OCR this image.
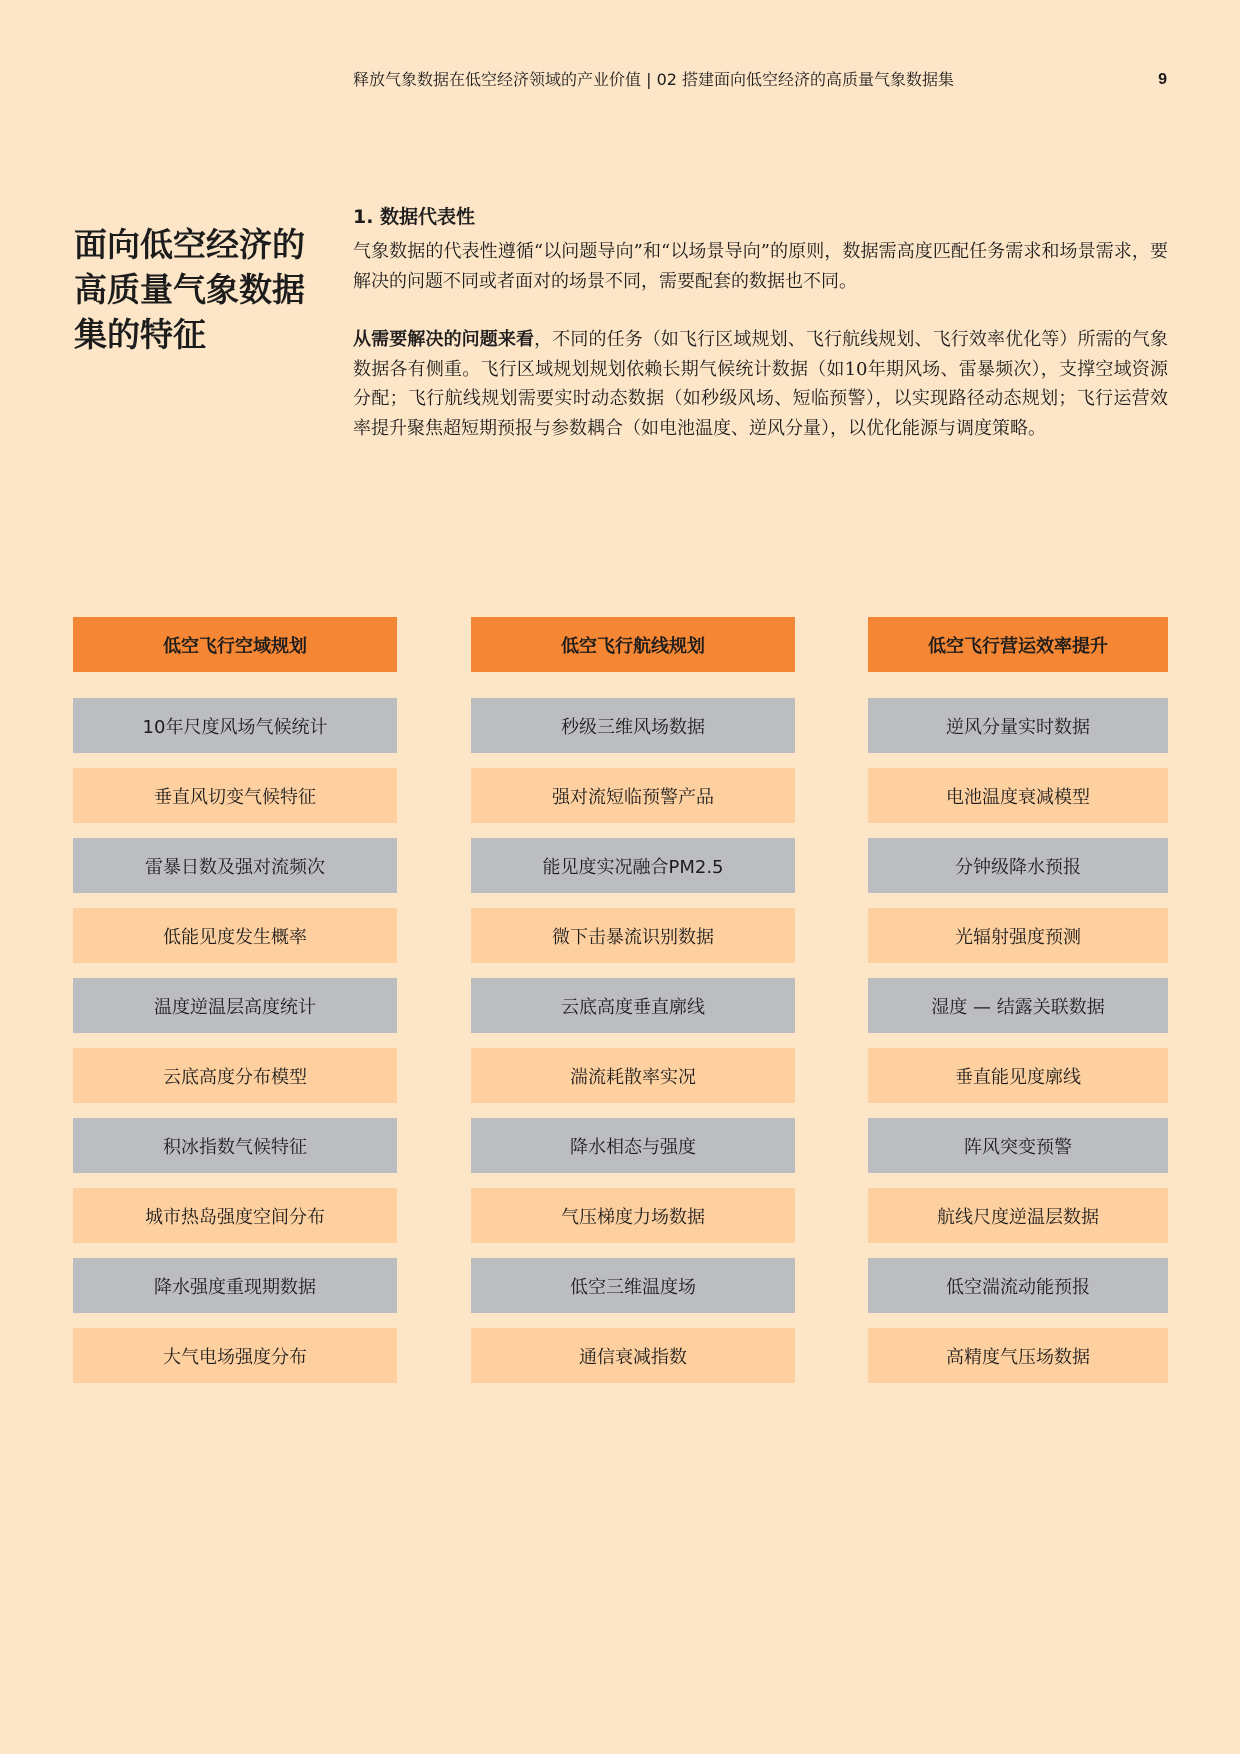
释放气象数据在低空经济领域的产业价值 | 02 搭建面向低空经济的高质量气象数据集	9
面向低空经济的高质量气象数据集的特征

1. 数据代表性

气象数据的代表性遵循“以问题导向”和“以场景导向”的原则，数据需高度匹配任务需求和场景需求，要解决的问题不同或者面对的场景不同，需要配套的数据也不同。

从需要解决的问题来看，不同的任务（如飞行区域规划、飞行航线规划、飞行效率优化等）所需的气象数据各有侧重。飞行区域规划规划依赖长期气候统计数据（如10年期风场、雷暴频次），支撑空域资源分配；飞行航线规划需要实时动态数据（如秒级风场、短临预警），以实现路径动态规划；飞行运营效率提升聚焦超短期预报与参数耦合（如电池温度、逆风分量），以优化能源与调度策略。

低空飞行空域规划
10年尺度风场气候统计
垂直风切变气候特征
雷暴日数及强对流频次
低能见度发生概率
温度逆温层高度统计
云底高度分布模型
积冰指数气候特征
城市热岛强度空间分布
降水强度重现期数据
大气电场强度分布
低空飞行航线规划
秒级三维风场数据
强对流短临预警产品
能见度实况融合PM2.5
微下击暴流识别数据
云底高度垂直廓线
湍流耗散率实况
降水相态与强度
气压梯度力场数据
低空三维温度场
通信衰减指数
低空飞行营运效率提升
逆风分量实时数据
电池温度衰减模型
分钟级降水预报
光辐射强度预测
湿度 — 结露关联数据
垂直能见度廓线
阵风突变预警
航线尺度逆温层数据
低空湍流动能预报
高精度气压场数据
